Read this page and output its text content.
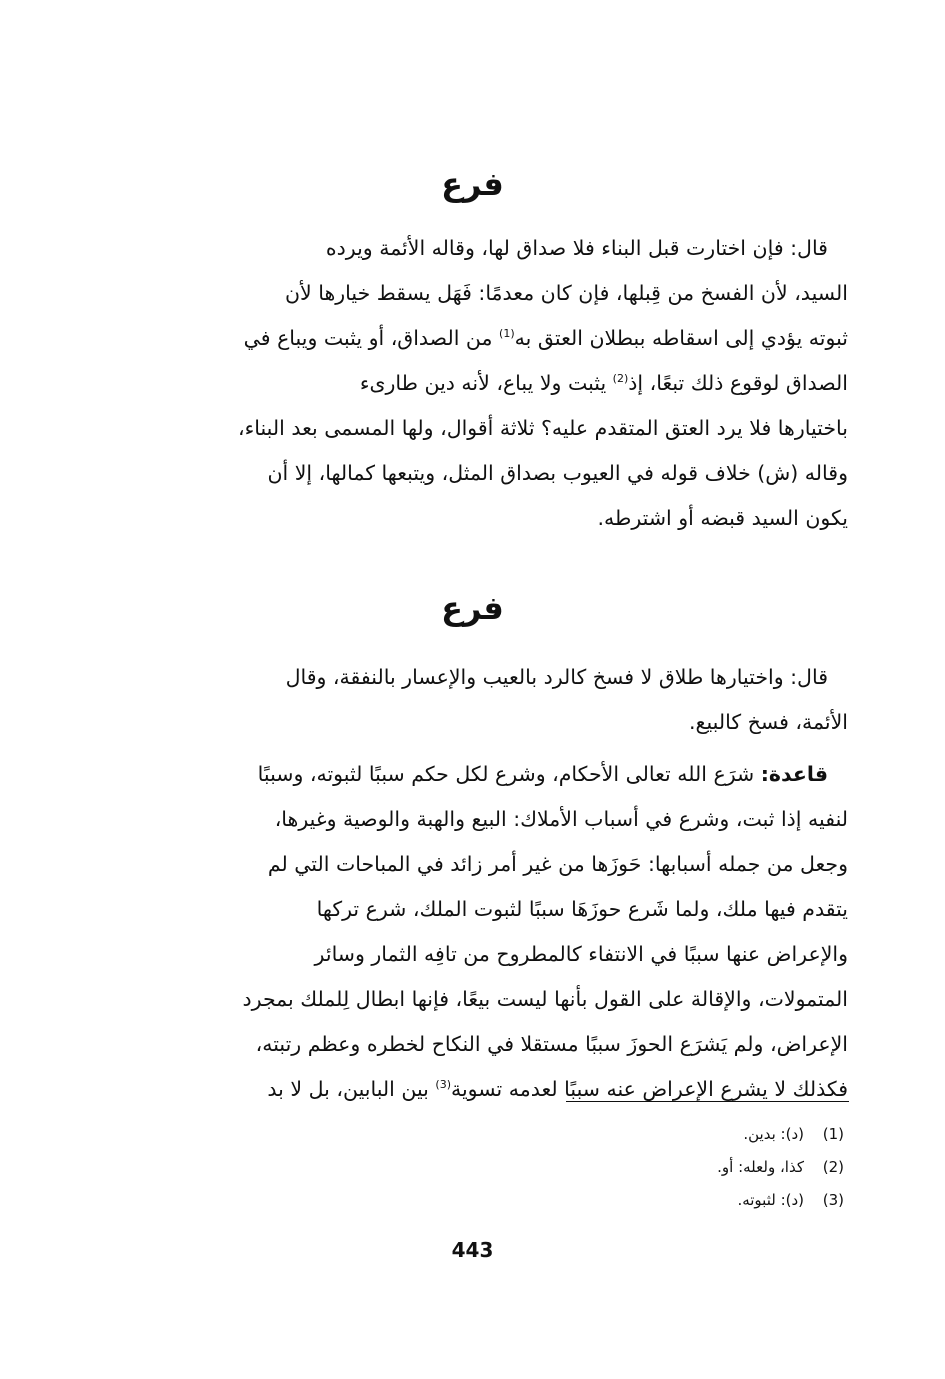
فرع
قال: فإن اختارت قبل البناء فلا صداق لها، وقاله الأئمة ويرده
السيد، لأن الفسخ من قِبلها، فإن كان معدمًا: فَهَل يسقط خيارها لأن
ثبوته يؤدي إلى اسقاطه ببطلان العتق به$^{(1)}$ من الصداق، أو يثبت ويباع في
الصداق لوقوع ذلك تبعًا، إذ$^{(2)}$ يثبت ولا يباع، لأنه دين طارىء
باختيارها فلا يرد العتق المتقدم عليه؟ ثلاثة أقوال، ولها المسمى بعد البناء،
وقاله (ش) خلاف قوله في العيوب بصداق المثل، ويتبعها كمالها، إلا أن
يكون السيد قبضه أو اشترطه.
فرع
قال: واختيارها طلاق لا فسخ كالرد بالعيب والإعسار بالنفقة، وقال
الأئمة، فسخ كالبيع.
قاعدة: شرَع الله تعالى الأحكام، وشرع لكل حكم سببًا لثبوته، وسببًا
لنفيه إذا ثبت، وشرع في أسباب الأملاك: البيع والهبة والوصية وغيرها،
وجعل من جمله أسبابها: حَوزَها من غير أمر زائد في المباحات التي لم
يتقدم فيها ملك، ولما شَرع حوزَهَا سببًا لثبوت الملك، شرع تركها
والإعراض عنها سببًا في الانتفاء كالمطروح من تافِه الثمار وسائر
المتمولات، والإقالة على القول بأنها ليست بيعًا، فإنها ابطال لِلملك بمجرد
الإعراض، ولم يَشرَع الحوزَ سببًا مستقلا في النكاح لخطره وعظم رتبته،
فكذلك لا يشرع الإعراض عنه سببًا لعدمه تسوية$^{(3)}$ بين البابين، بل لا بد
(1)(د): بدين.
(2)كذا، ولعله: أو.
(3)(د): لثبوته.
443
